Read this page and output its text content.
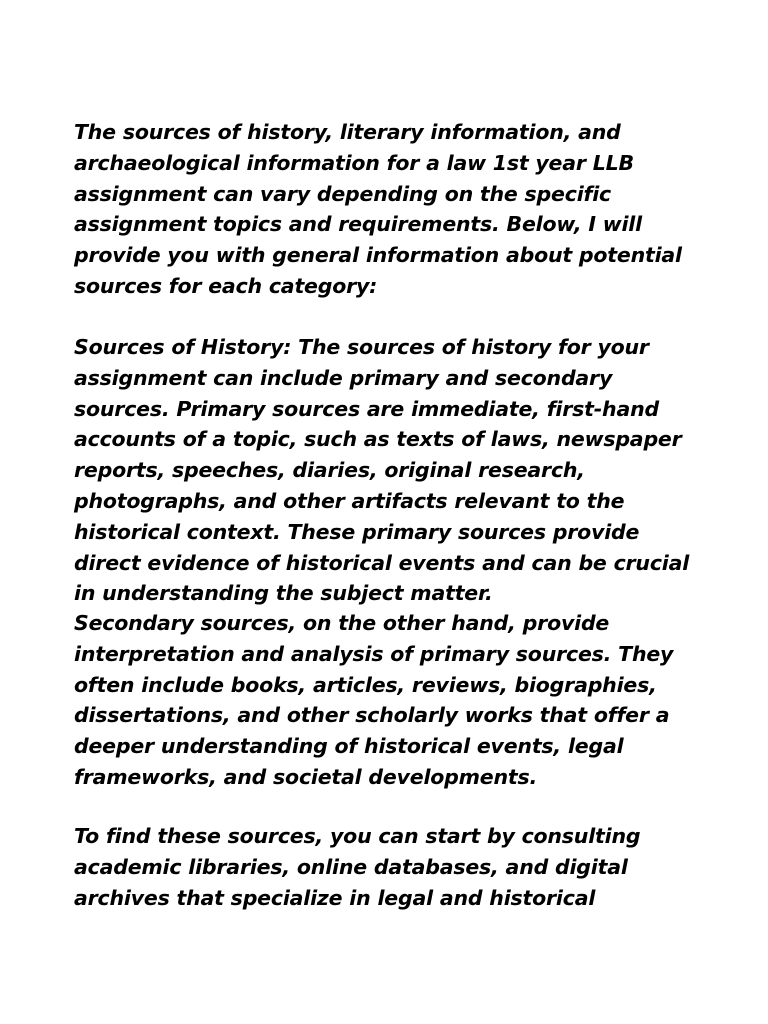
The sources of history, literary information, and
archaeological information for a law 1st year LLB
assignment can vary depending on the specific
assignment topics and requirements. Below, I will
provide you with general information about potential
sources for each category:
Sources of History: The sources of history for your
assignment can include primary and secondary
sources. Primary sources are immediate, first-hand
accounts of a topic, such as texts of laws, newspaper
reports, speeches, diaries, original research,
photographs, and other artifacts relevant to the
historical context. These primary sources provide
direct evidence of historical events and can be crucial
in understanding the subject matter.
Secondary sources, on the other hand, provide
interpretation and analysis of primary sources. They
often include books, articles, reviews, biographies,
dissertations, and other scholarly works that offer a
deeper understanding of historical events, legal
frameworks, and societal developments.
To find these sources, you can start by consulting
academic libraries, online databases, and digital
archives that specialize in legal and historical
